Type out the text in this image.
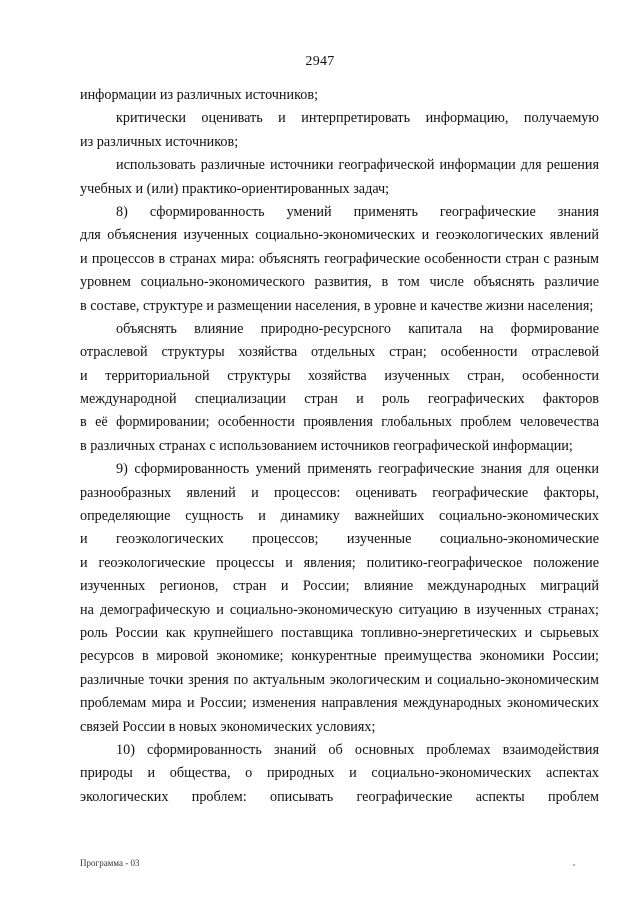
2947
информации из различных источников;
критически оценивать и интерпретировать информацию, получаемую
из различных источников;
использовать различные источники географической информации для решения
учебных и (или) практико-ориентированных задач;
8) сформированность умений применять географические знания
для объяснения изученных социально-экономических и геоэкологических явлений
и процессов в странах мира: объяснять географические особенности стран с разным
уровнем социально-экономического развития, в том числе объяснять различие
в составе, структуре и размещении населения, в уровне и качестве жизни населения;
объяснять влияние природно-ресурсного капитала на формирование
отраслевой структуры хозяйства отдельных стран; особенности отраслевой
и территориальной структуры хозяйства изученных стран, особенности
международной специализации стран и роль географических факторов
в её формировании; особенности проявления глобальных проблем человечества
в различных странах с использованием источников географической информации;
9) сформированность умений применять географические знания для оценки
разнообразных явлений и процессов: оценивать географические факторы,
определяющие сущность и динамику важнейших социально-экономических
и геоэкологических процессов; изученные социально-экономические
и геоэкологические процессы и явления; политико-географическое положение
изученных регионов, стран и России; влияние международных миграций
на демографическую и социально-экономическую ситуацию в изученных странах;
роль России как крупнейшего поставщика топливно-энергетических и сырьевых
ресурсов в мировой экономике; конкурентные преимущества экономики России;
различные точки зрения по актуальным экологическим и социально-экономическим
проблемам мира и России; изменения направления международных экономических
связей России в новых экономических условиях;
10) сформированность знаний об основных проблемах взаимодействия
природы и общества, о природных и социально-экономических аспектах
экологических проблем: описывать географические аспекты проблем
Программа - 03
